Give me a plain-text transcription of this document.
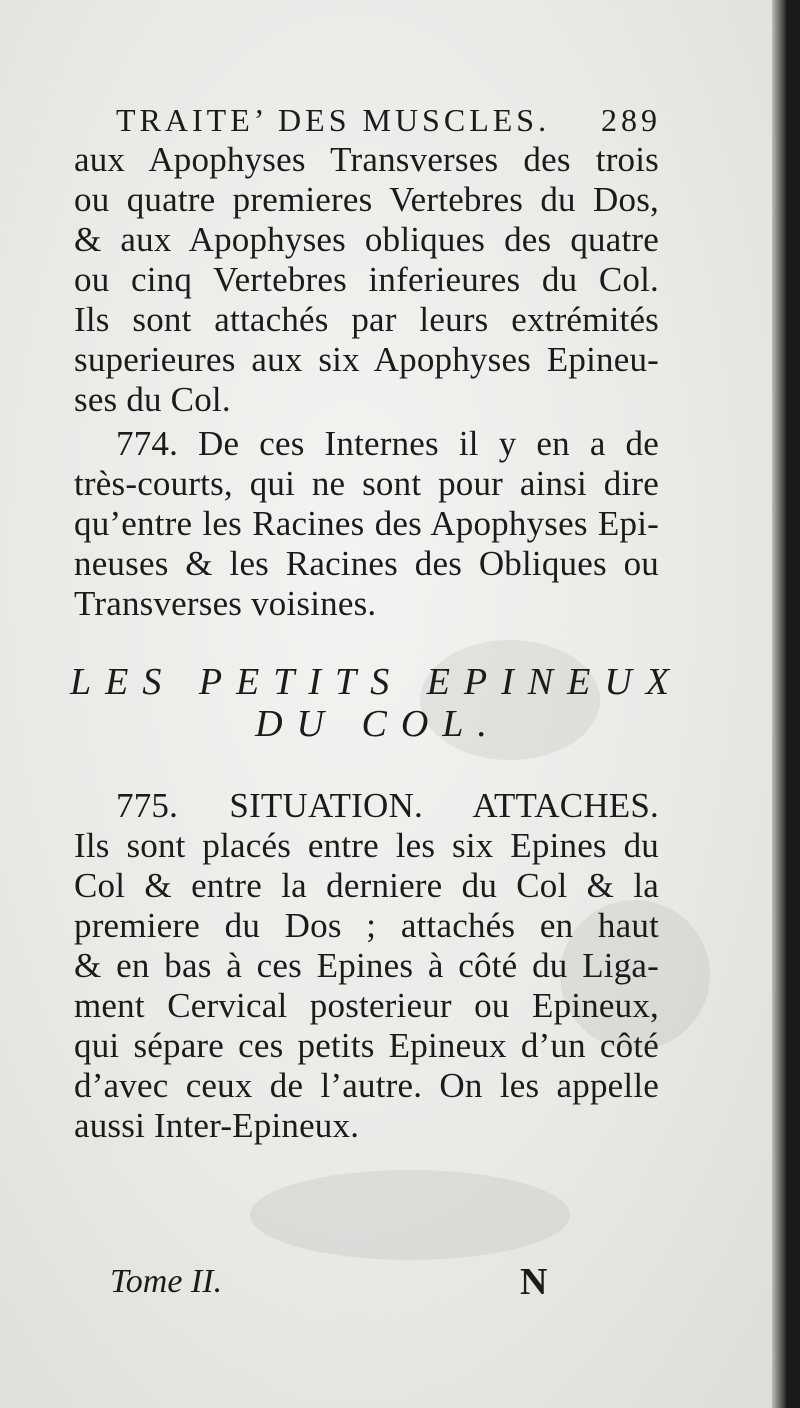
TRAITE’ DES MUSCLES. 289
aux Apophyses Transverses des trois
ou quatre premieres Vertebres du Dos,
& aux Apophyses obliques des quatre
ou cinq Vertebres inferieures du Col.
Ils sont attachés par leurs extrémités
superieures aux six Apophyses Epineu-
ses du Col.
774. De ces Internes il y en a de
très-courts, qui ne sont pour ainsi dire
qu’entre les Racines des Apophyses Epi-
neuses & les Racines des Obliques ou
Transverses voisines.
LES PETITS EPINEUX
DU COL.
775. SITUATION. ATTACHES.
Ils sont placés entre les six Epines du
Col & entre la derniere du Col & la
premiere du Dos ; attachés en haut
& en bas à ces Epines à côté du Liga-
ment Cervical posterieur ou Epineux,
qui sépare ces petits Epineux d’un côté
d’avec ceux de l’autre. On les appelle
aussi Inter-Epineux.
Tome II.	N
